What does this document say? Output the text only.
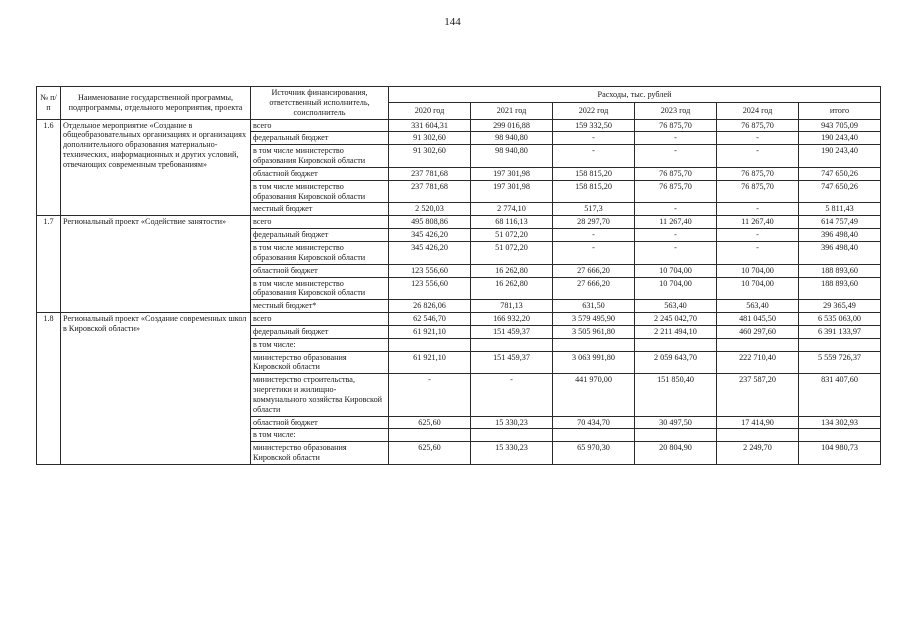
144
№ п/п	Наименование государственной программы, подпрограммы, отдельного мероприятия, проекта	Источник финансирования, ответственный исполнитель, соисполнитель	Расходы, тыс. рублей					
			2020 год	2021 год	2022 год	2023 год	2024 год	итого
1.6	Отдельное мероприятие «Создание в общеобразовательных организациях и организациях дополнительного образования материально-технических, информационных и других условий, отвечающих современным требованиям»	всего	331 604,31	299 016,88	159 332,50	76 875,70	76 875,70	943 705,09
		федеральный бюджет	91 302,60	98 940,80	-	-	-	190 243,40
		в том числе министерство образования Кировской области	91 302,60	98 940,80	-	-	-	190 243,40
		областной бюджет	237 781,68	197 301,98	158 815,20	76 875,70	76 875,70	747 650,26
		в том числе министерство образования Кировской области	237 781,68	197 301,98	158 815,20	76 875,70	76 875,70	747 650,26
		местный бюджет	2 520,03	2 774,10	517,3	-	-	5 811,43
1.7	Региональный проект «Содействие занятости»	всего	495 808,86	68 116,13	28 297,70	11 267,40	11 267,40	614 757,49
		федеральный бюджет	345 426,20	51 072,20	-	-	-	396 498,40
		в том числе министерство образования Кировской области	345 426,20	51 072,20	-	-	-	396 498,40
		областной бюджет	123 556,60	16 262,80	27 666,20	10 704,00	10 704,00	188 893,60
		в том числе министерство образования Кировской области	123 556,60	16 262,80	27 666,20	10 704,00	10 704,00	188 893,60
		местный бюджет*	26 826,06	781,13	631,50	563,40	563,40	29 365,49
1.8	Региональный проект «Создание современных школ в Кировской области»	всего	62 546,70	166 932,20	3 579 495,90	2 245 042,70	481 045,50	6 535 063,00
		федеральный бюджет	61 921,10	151 459,37	3 505 961,80	2 211 494,10	460 297,60	6 391 133,97
		в том числе:						
		министерство образования Кировской области	61 921,10	151 459,37	3 063 991,80	2 059 643,70	222 710,40	5 559 726,37
		министерство строительства, энергетики и жилищно-коммунального хозяйства Кировской области	-	-	441 970,00	151 850,40	237 587,20	831 407,60
		областной бюджет	625,60	15 330,23	70 434,70	30 497,50	17 414,90	134 302,93
		в том числе:						
		министерство образования Кировской области	625,60	15 330,23	65 970,30	20 804,90	2 249,70	104 980,73
